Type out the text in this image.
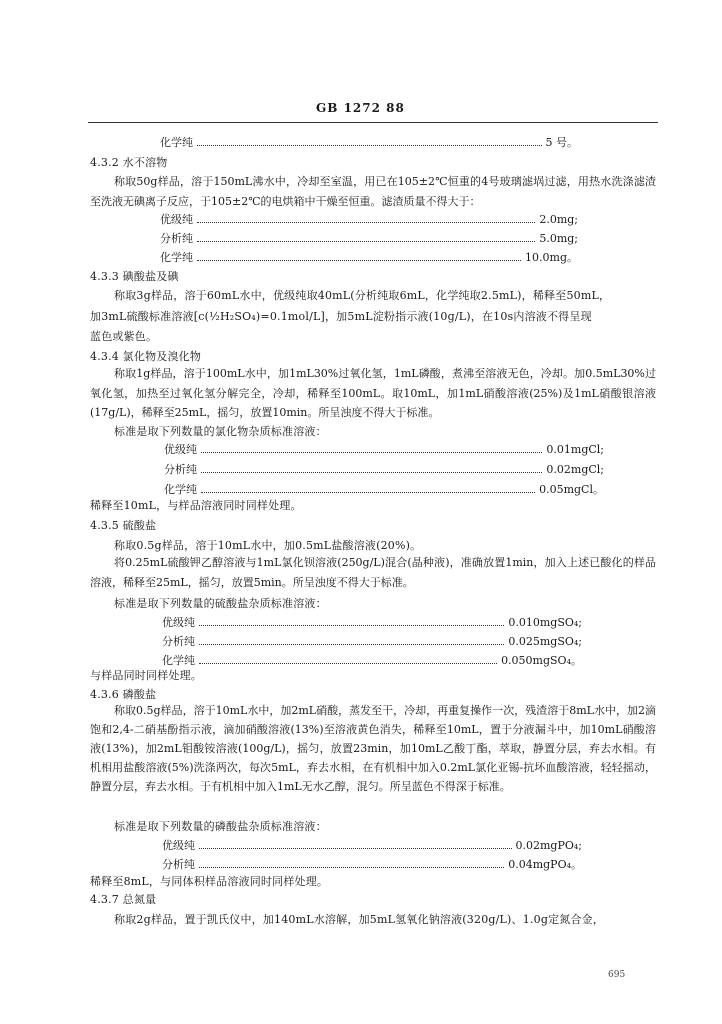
GB 1272 88
化学纯	5 号。
4.3.2 水不溶物
称取50g样品，溶于150mL沸水中，冷却至室温，用已在105±2℃恒重的4号玻璃滤埚过滤，用热水洗涤滤渣至洗液无碘离子反应，于105±2℃的电烘箱中干燥至恒重。滤渣质量不得大于：
优级纯	2.0mg;
分析纯	5.0mg;
化学纯	10.0mg。
4.3.3 碘酸盐及碘
称取3g样品，溶于60mL水中，优级纯取40mL(分析纯取6mL，化学纯取2.5mL)，稀释至50mL，
加3mL硫酸标准溶液[c(½H₂SO₄)=0.1mol/L]，加5mL淀粉指示液(10g/L)，在10s内溶液不得呈现
蓝色或紫色。
4.3.4 氯化物及溴化物
称取1g样品，溶于100mL水中，加1mL30%过氧化氢，1mL磷酸，煮沸至溶液无色，冷却。加0.5mL30%过氧化氢，加热至过氧化氢分解完全，冷却，稀释至100mL。取10mL，加1mL硝酸溶液(25%)及1mL硝酸银溶液(17g/L)，稀释至25mL，摇匀，放置10min。所呈浊度不得大于标准。
标准是取下列数量的氯化物杂质标准溶液：
优级纯	0.01mgCl;
分析纯	0.02mgCl;
化学纯	0.05mgCl。
稀释至10mL，与样品溶液同时同样处理。
4.3.5 硫酸盐
称取0.5g样品，溶于10mL水中，加0.5mL盐酸溶液(20%)。
将0.25mL硫酸钾乙醇溶液与1mL氯化钡溶液(250g/L)混合(晶种液)，准确放置1min，加入上述已酸化的样品溶液，稀释至25mL，摇匀，放置5min。所呈浊度不得大于标准。
标准是取下列数量的硫酸盐杂质标准溶液：
优级纯	0.010mgSO₄;
分析纯	0.025mgSO₄;
化学纯	0.050mgSO₄。
与样品同时同样处理。
4.3.6 磷酸盐
称取0.5g样品，溶于10mL水中，加2mL硝酸，蒸发至干，冷却，再重复操作一次，残渣溶于8mL水中，加2滴饱和2,4-二硝基酚指示液，滴加硝酸溶液(13%)至溶液黄色消失，稀释至10mL，置于分液漏斗中，加10mL硝酸溶液(13%)，加2mL钼酸铵溶液(100g/L)，摇匀，放置23min，加10mL乙酸丁酯，萃取，静置分层，弃去水相。有机相用盐酸溶液(5%)洗涤两次，每次5mL，弃去水相，在有机相中加入0.2mL氯化亚锡-抗坏血酸溶液，轻轻摇动，静置分层，弃去水相。于有机相中加入1mL无水乙醇，混匀。所呈蓝色不得深于标准。
标准是取下列数量的磷酸盐杂质标准溶液：
优级纯	0.02mgPO₄;
分析纯	0.04mgPO₄。
稀释至8mL，与同体积样品溶液同时同样处理。
4.3.7 总氮量
称取2g样品，置于凯氏仪中，加140mL水溶解，加5mL氢氧化钠溶液(320g/L)、1.0g定氮合金，
695
